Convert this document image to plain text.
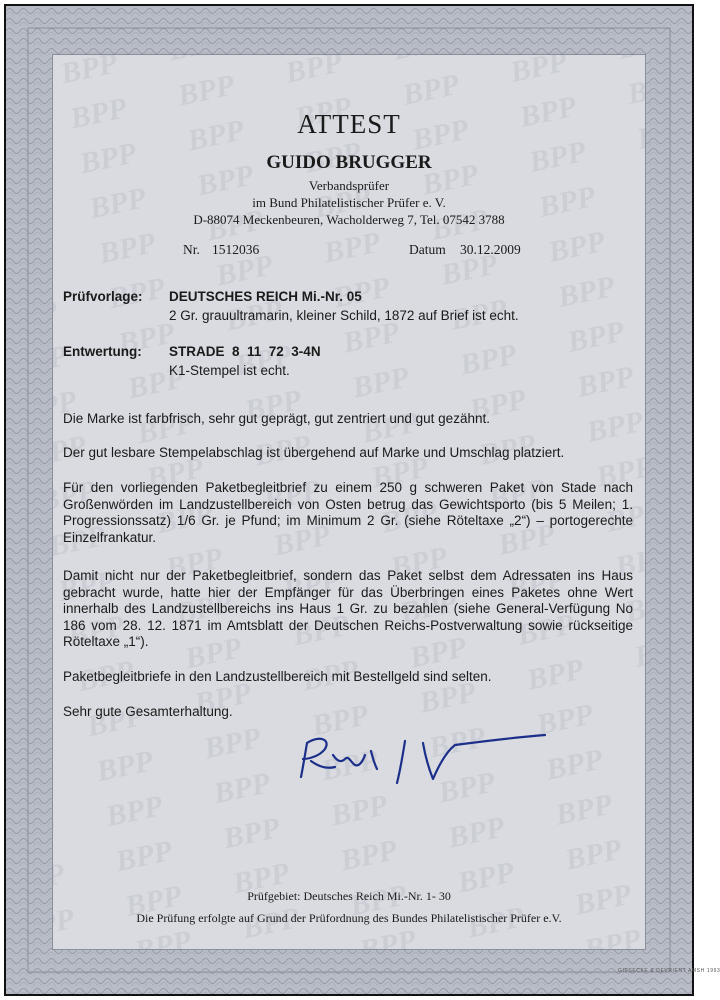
ATTEST
GUIDO BRUGGER
Verbandsprüfer
im Bund Philatelistischer Prüfer e. V.
D-88074 Meckenbeuren, Wacholderweg 7, Tel. 07542 3788
Nr. 1512036	Datum 30.12.2009
Prüfvorlage: DEUTSCHES REICH Mi.-Nr. 05
2 Gr. grauultramarin, kleiner Schild, 1872 auf Brief ist echt.
Entwertung: STRADE  8  11  72  3-4N
K1-Stempel ist echt.
Die Marke ist farbfrisch, sehr gut geprägt, gut zentriert und gut gezähnt.
Der gut lesbare Stempelabschlag ist übergehend auf Marke und Umschlag platziert.
Für den vorliegenden Paketbegleitbrief zu einem 250 g schweren Paket von Stade nach Großenwörden im Landzustellbereich von Osten betrug das Gewichtsporto (bis 5 Meilen; 1. Progressionssatz) 1/6 Gr. je Pfund; im Minimum 2 Gr. (siehe Röteltaxe „2“) – portogerechte Einzelfrankatur.
Damit nicht nur der Paketbegleitbrief, sondern das Paket selbst dem Adressaten ins Haus gebracht wurde, hatte hier der Empfänger für das Überbringen eines Paketes ohne Wert innerhalb des Landzustellbereichs ins Haus 1 Gr. zu bezahlen (siehe General-Verfügung No 186 vom 28. 12. 1871 im Amtsblatt der Deutschen Reichs-Postverwaltung sowie rückseitige Röteltaxe „1“).
Paketbegleitbriefe in den Landzustellbereich mit Bestellgeld sind selten.
Sehr gute Gesamterhaltung.
Prüfgebiet: Deutsches Reich Mi.-Nr. 1- 30
Die Prüfung erfolgte auf Grund der Prüfordnung des Bundes Philatelistischer Prüfer e.V.
GIESECKE & DEVRIENT AMSH 1993
